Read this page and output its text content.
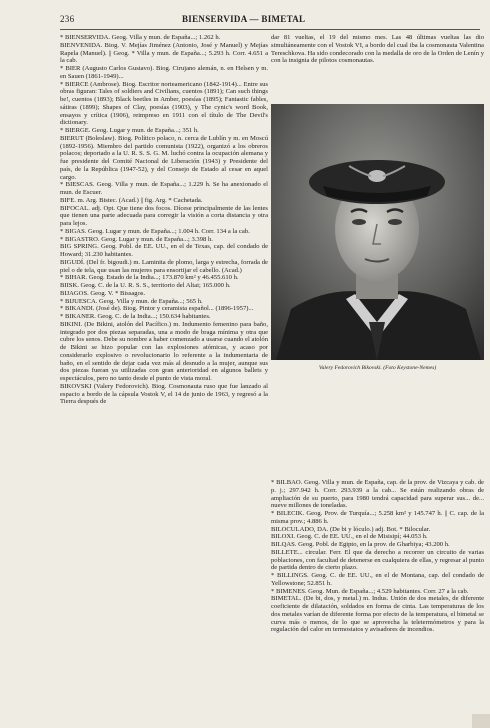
236	BIENSERVIDA — BIMETAL

* BIENSERVIDA. Geog. Villa y mun. de España...; 1.262 h.

BIENVENIDA. Biog. V. Mejías Jiménez (Antonio, José y Manuel) y Mejías Rapela (Manuel). || Geog. * Villa y mun. de España...; 5.293 h. Corr. 4.651 a la cab.

* BIER (Augusto Carlos Gustavo). Biog. Cirujano alemán, n. en Helsen y m. en Sauen (1861-1949)...

* BIERCE (Ambrose). Biog. Escritor norteamericano (1842-1914)... Entre sus obras figuran: Tales of soldiers and Civilians, cuentos (1891); Can such things be!, cuentos (1893); Black beetles in Amber, poesías (1895); Fantastic fables, sátiras (1899); Shapes of Clay, poesías (1903), y The cynic's word Book, ensayos y crítica (1906), reimpreso en 1911 con el título de The Devil's dictionary.

* BIERGE. Geog. Lugar y mun. de España...; 351 h.

BIERUT (Boleslaw). Biog. Político polaco, n. cerca de Lublín y m. en Moscú (1892-1956). Miembro del partido comunista (1922), organizó a los obreros polacos; deportado a la U. R. S. S. G. M. luchó contra la ocupación alemana y fue presidente del Comité Nacional de Liberación (1943) y Presidente del país, de la República (1947-52), y del Consejo de Estado al cesar en aquel cargo.

* BIESCAS. Geog. Villa y mun. de España...; 1.229 h. Se ha anexionado el mun. de Escuer.

BIFE. m. Arg. Bistec. (Acad.) || fig. Arg. * Cachetada.

BIFOCAL. adj. Opt. Que tiene dos focos. Dícese principalmente de las lentes que tienen una parte adecuada para corregir la visión a corta distancia y otra para lejos.

* BIGAS. Geog. Lugar y mun. de España...; 1.004 h. Corr. 134 a la cab.

* BIGASTRO. Geog. Lugar y mun. de España...; 3.398 h.

BIG SPRING. Geog. Pobl. de EE. UU., en el de Texas, cap. del condado de Howard; 31.230 habitantes.

BIGUDÍ. (Del fr. bigoudi.) m. Laminita de plomo, larga y estrecha, forrada de piel o de tela, que usan las mujeres para ensortijar el cabello. (Acad.)

* BIHAR. Geog. Estado de la India...; 173.870 km² y 46.455.610 h.

BIISK. Geog. C. de la U. R. S. S., territorio del Altai; 165.000 h.

BIJAGOS. Geog. V. * Bissagos.

* BIJUESCA. Geog. Villa y mun. de España...; 565 h.

* BIKANDI. (José de). Biog. Pintor y ceramista español... (1896-1957)...

* BIKANER. Geog. C. de la India...; 150.634 habitantes.

BIKINI. (De Bikini, atolón del Pacífico.) m. Indumento femenino para baño, integrado por dos piezas separadas, una a modo de braga mínima y otra que cubre los senos. Debe su nombre a haber comenzado a usarse cuando el atolón de Bikini se hizo popular con las explosiones atómicas, y acaso por considerarlo explosivo o revolucionario lo referente a la indumentaria de baño, en el sentido de dejar cada vez más al desnudo a la mujer, aunque sus dos piezas fueran ya utilizadas con gran anterioridad en algunos ballets y espectáculos, pero no tanto desde el punto de vista moral.

BIKOVSKI (Valery Fedorovich). Biog. Cosmonauta ruso que fue lanzado al espacio a bordo de la cápsula Vostok V, el 14 de junio de 1963, y regresó a la Tierra después de

dar 81 vueltas, el 19 del mismo mes. Las 48 últimas vueltas las dio simultáneamente con el Vostok VI, a bordo del cual iba la cosmonauta Valentina Tereschkova. Ha sido condecorado con la medalla de oro de la Orden de Lenín y con la insignia de pilotos cosmonautas.

Valery Fedorovich Bikovski. (Foto Keystone-Nemes)

* BILBAO. Geog. Villa y mun. de España, cap. de la prov. de Vizcaya y cab. de p. j.; 297.942 h. Corr. 293.939 a la cab... Se están realizando obras de ampliación de su puerto, para 1980 tendrá capacidad para superar sus... de... nueve millones de toneladas.

* BILECIK. Geog. Prov. de Turquía...; 5.258 km² y 145.747 h. || C. cap. de la misma prov.; 4.886 h.

BILOCULADO, DA. (De bi y lóculo.) adj. Bot. * Bilocular.

BILOXI. Geog. C. de EE. UU., en el de Misisipí; 44.053 h.

BILQAS. Geog. Pobl. de Egipto, en la prov. de Gharbiya; 43.200 h.

BILLETE... circular. Ferr. El que da derecho a recorrer un circuito de varias poblaciones, con facultad de detenerse en cualquiera de ellas, y regresar al punto de partida dentro de cierto plazo.

* BILLINGS. Geog. C. de EE. UU., en el de Montana, cap. del condado de Yellowstone; 52.851 h.

* BIMENES. Geog. Mun. de España...; 4.529 habitantes. Corr. 27 a la cab.

BIMETAL. (De bi, dos, y metal.) m. Indus. Unión de dos metales, de diferente coeficiente de dilatación, soldados en forma de cinta. Las temperaturas de los dos metales varían de diferente forma por efecto de la temperatura, el bimetal se curva más o menos, de lo que se aprovecha la teletermómetros y para la regulación del calor en termostatos y avisadores de incendios.
